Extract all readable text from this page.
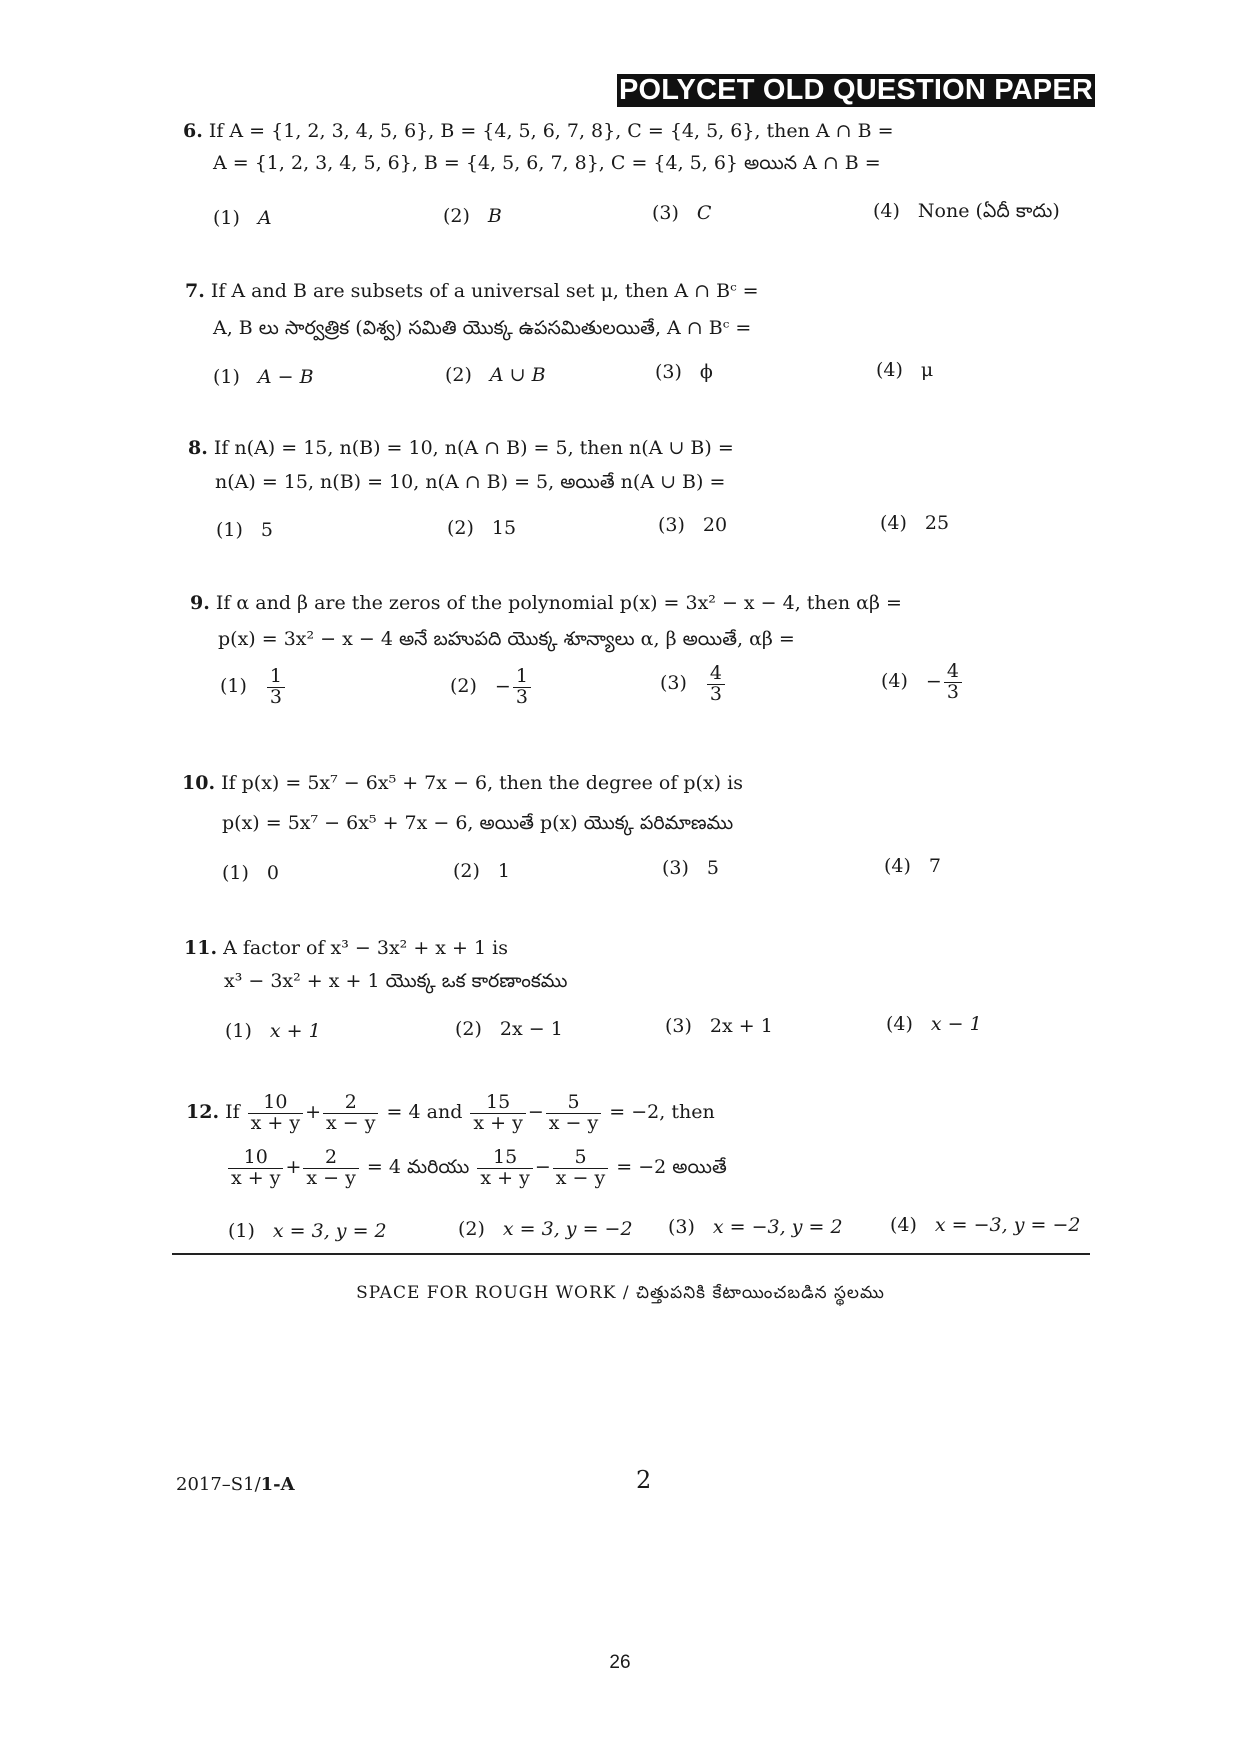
POLYCET OLD QUESTION PAPER
6. If A = {1, 2, 3, 4, 5, 6}, B = {4, 5, 6, 7, 8}, C = {4, 5, 6}, then A ∩ B =
A = {1, 2, 3, 4, 5, 6}, B = {4, 5, 6, 7, 8}, C = {4, 5, 6} అయిన A ∩ B =
(1) A	(2) B	(3) C	(4) None (ఏదీ కాదు)
7. If A and B are subsets of a universal set μ, then A ∩ Bᶜ =
A, B లు సార్వత్రిక (విశ్వ) సమితి యొక్క ఉపసమితులయితే, A ∩ Bᶜ =
(1) A − B	(2) A ∪ B	(3) ϕ	(4) μ
8. If n(A) = 15, n(B) = 10, n(A ∩ B) = 5, then n(A ∪ B) =
n(A) = 15, n(B) = 10, n(A ∩ B) = 5, అయితే n(A ∪ B) =
(1) 5	(2) 15	(3) 20	(4) 25
9. If α and β are the zeros of the polynomial p(x) = 3x² − x − 4, then αβ =
p(x) = 3x² − x − 4 అనే బహుపది యొక్క శూన్యాలు α, β అయితే, αβ =
$(1) \frac{1}{3}$	$(2) - \frac{1}{3}$	$(3) \frac{4}{3}$	$(4) - \frac{4}{3}$
10. If p(x) = 5x⁷ − 6x⁵ + 7x − 6, then the degree of p(x) is
p(x) = 5x⁷ − 6x⁵ + 7x − 6, అయితే p(x) యొక్క పరిమాణము
(1) 0	(2) 1	(3) 5	(4) 7
11. A factor of x³ − 3x² + x + 1 is
x³ − 3x² + x + 1 యొక్క ఒక కారణాంకము
(1) x + 1	(2) 2x − 1	(3) 2x + 1	(4) x − 1
12. If $\frac{10}{x + y} + \frac{2}{x - y} = 4$ and $\frac{15}{x + y} - \frac{5}{x - y} = -2$, then
$\frac{10}{x + y} + \frac{2}{x - y} = 4$ మరియు $\frac{15}{x + y} - \frac{5}{x - y} = -2$ అయితే
(1) x = 3, y = 2	(2) x = 3, y = −2 (3) x = −3, y = 2 (4) x = −3, y = −2
SPACE FOR ROUGH WORK / చిత్తుపనికి కేటాయించబడిన స్థలము
2017–S1/1-A	2
26
